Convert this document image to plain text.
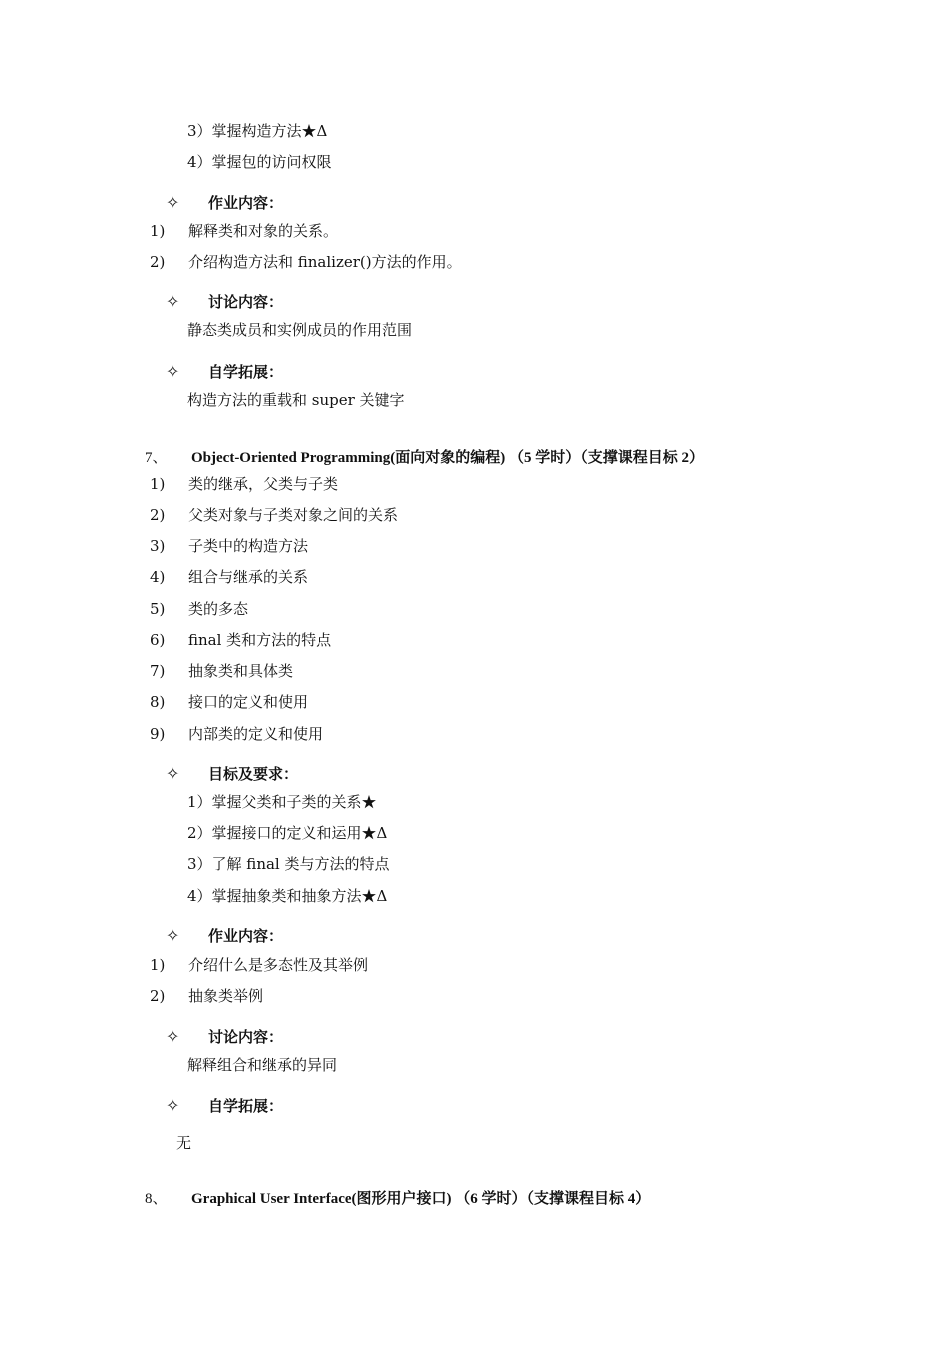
3）掌握构造方法★Δ
4）掌握包的访问权限
✧ 作业内容：
1) 解释类和对象的关系。
2) 介绍构造方法和 finalizer()方法的作用。
✧ 讨论内容：
静态类成员和实例成员的作用范围
✧ 自学拓展：
构造方法的重载和 super 关键字
7、 Object-Oriented Programming(面向对象的编程) （5 学时）（支撑课程目标 2）
1) 类的继承，父类与子类
2) 父类对象与子类对象之间的关系
3) 子类中的构造方法
4) 组合与继承的关系
5) 类的多态
6) final 类和方法的特点
7) 抽象类和具体类
8) 接口的定义和使用
9) 内部类的定义和使用
✧ 目标及要求：
1）掌握父类和子类的关系★
2）掌握接口的定义和运用★Δ
3）了解 final 类与方法的特点
4）掌握抽象类和抽象方法★Δ
✧ 作业内容：
1) 介绍什么是多态性及其举例
2) 抽象类举例
✧ 讨论内容：
解释组合和继承的异同
✧ 自学拓展：
无
8、 Graphical User Interface(图形用户接口) （6 学时）（支撑课程目标 4）
